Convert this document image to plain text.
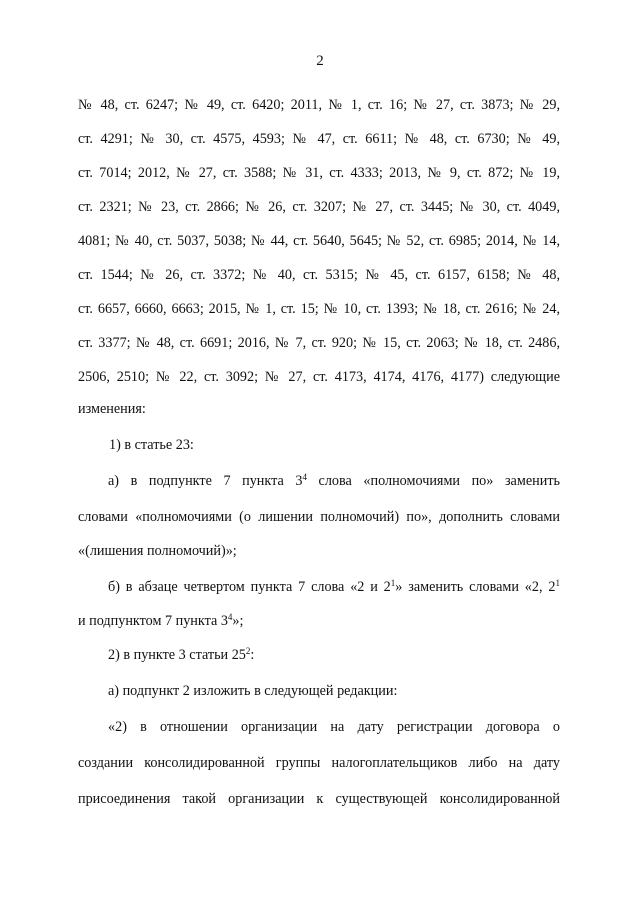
2
№ 48, ст. 6247; № 49, ст. 6420; 2011, № 1, ст. 16; № 27, ст. 3873; № 29,
ст. 4291; № 30, ст. 4575, 4593; № 47, ст. 6611; № 48, ст. 6730; № 49,
ст. 7014; 2012, № 27, ст. 3588; № 31, ст. 4333; 2013, № 9, ст. 872; № 19,
ст. 2321; № 23, ст. 2866; № 26, ст. 3207; № 27, ст. 3445; № 30, ст. 4049,
4081; № 40, ст. 5037, 5038; № 44, ст. 5640, 5645; № 52, ст. 6985; 2014, № 14,
ст. 1544; № 26, ст. 3372; № 40, ст. 5315; № 45, ст. 6157, 6158; № 48,
ст. 6657, 6660, 6663; 2015, № 1, ст. 15; № 10, ст. 1393; № 18, ст. 2616; № 24,
ст. 3377; № 48, ст. 6691; 2016, № 7, ст. 920; № 15, ст. 2063; № 18, ст. 2486,
2506, 2510; № 22, ст. 3092; № 27, ст. 4173, 4174, 4176, 4177) следующие
изменения:
1) в статье 23:
а) в подпункте 7 пункта $3^4$ слова «полномочиями по» заменить
словами «полномочиями (о лишении полномочий) по», дополнить словами
«(лишения полномочий)»;
б) в абзаце четвертом пункта 7 слова «2 и $2^1$» заменить словами «2, $2^1$
и подпунктом 7 пункта $3^4$»;
2) в пункте 3 статьи $25^2$:
а) подпункт 2 изложить в следующей редакции:
«2) в отношении организации на дату регистрации договора о
создании консолидированной группы налогоплательщиков либо на дату
присоединения такой организации к существующей консолидированной
